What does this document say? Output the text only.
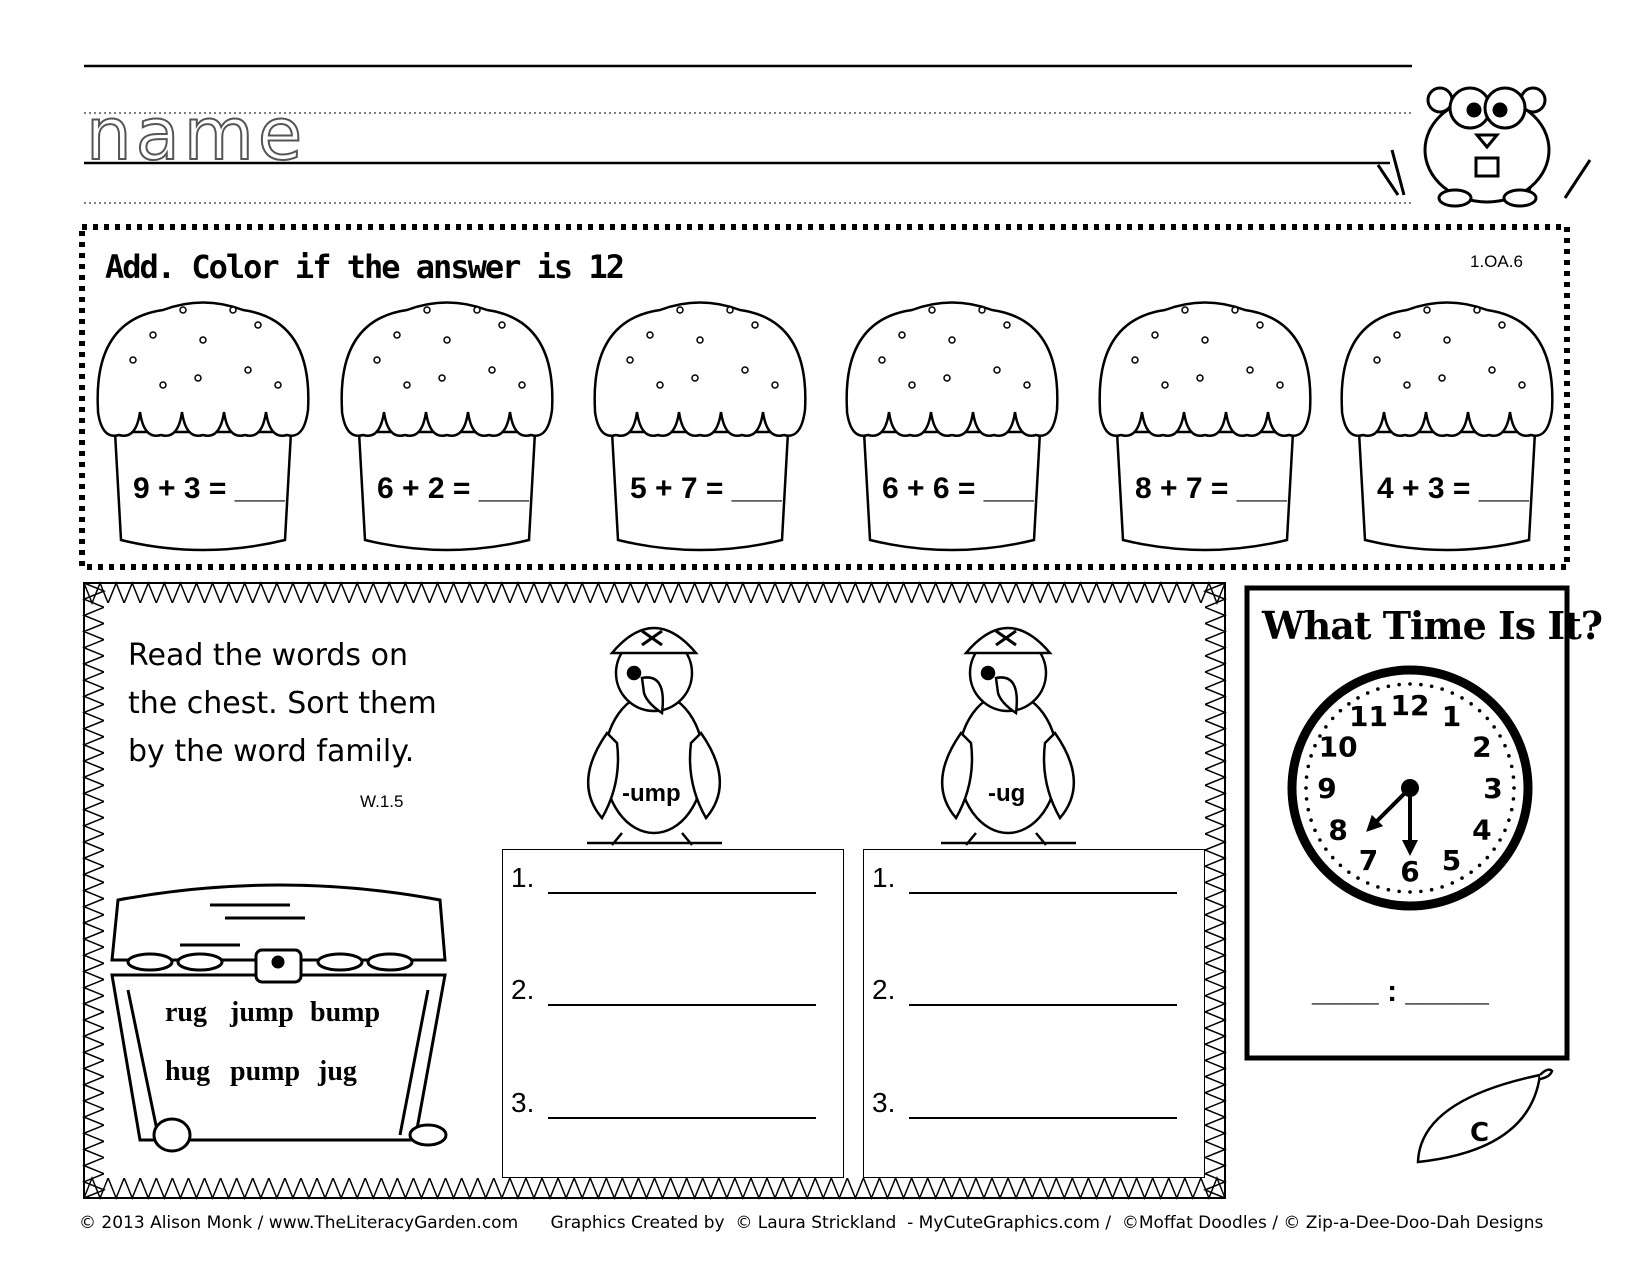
12 1
2
3
4
5
6
7
8
9
10
11
name
Add. Color if the answer is 12	1.OA.6
9 + 3 = ___	6 + 2 = ___	5 + 7 = ___	6 + 6 = ___	8 + 7 = ___	4 + 3 = ___
Read the words on
the chest. Sort them
by the word family.
W.1.5	-ump	-ug
rug jump bump
hug pump jug
1.
2.
3.
1.
2.
3.
What Time Is It?
____ : _____
C
© 2013 Alison Monk / www.TheLiteracyGarden.com      Graphics Created by  © Laura Strickland  - MyCuteGraphics.com /  ©Moffat Doodles / © Zip-a-Dee-Doo-Dah Designs
